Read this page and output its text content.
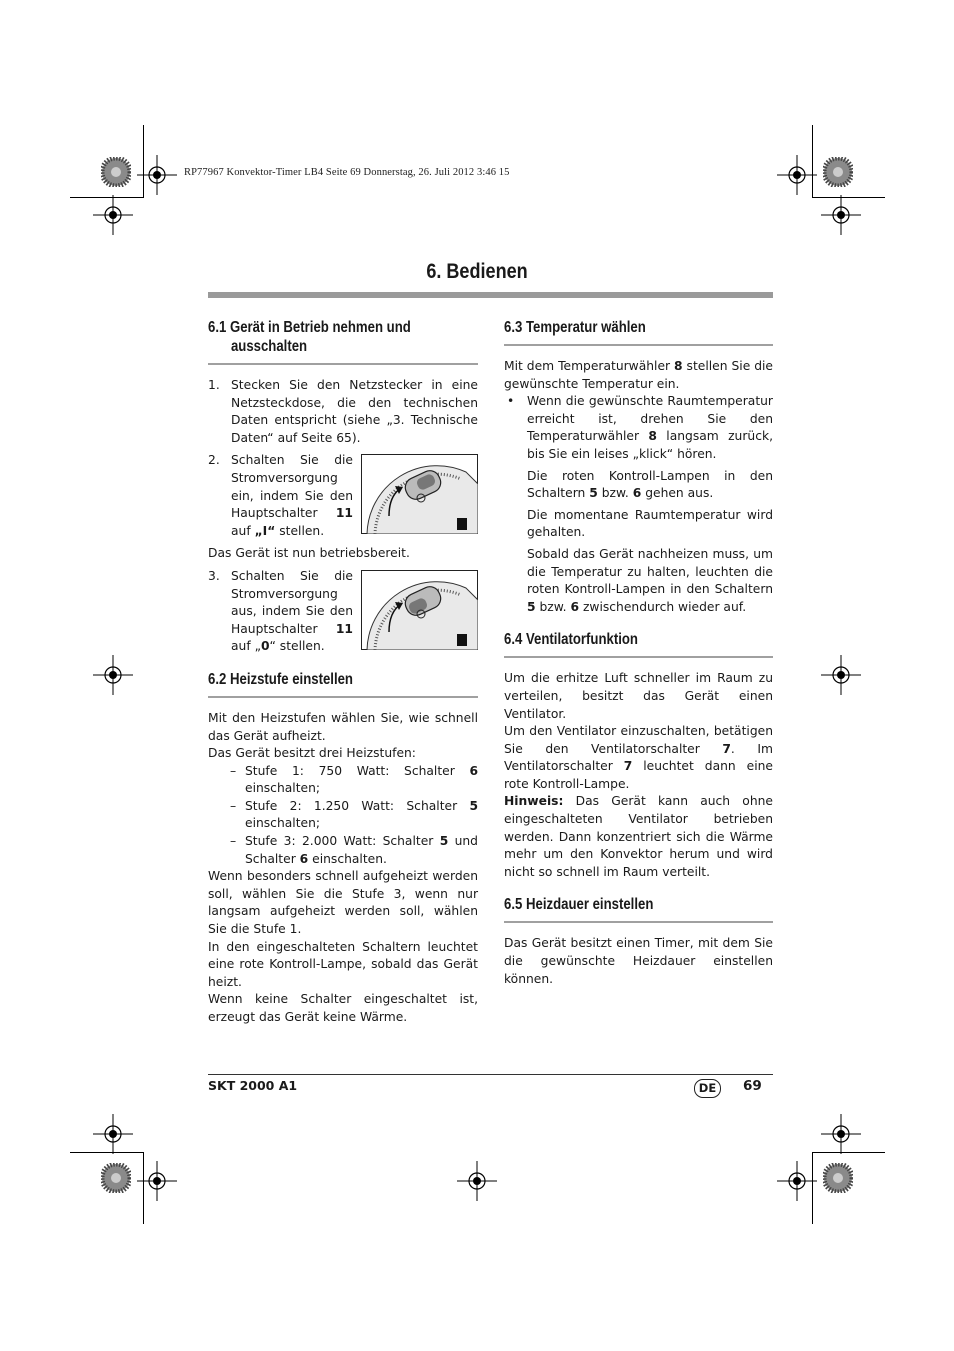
RP77967 Konvektor-Timer LB4 Seite 69 Donnerstag, 26. Juli 2012 3:46 15
6. Bedienen
6.1 Gerät in Betrieb nehmen und
ausschalten
1. Stecken Sie den Netzstecker in eine Netzsteckdose, die den technischen Daten entspricht (siehe „3. Technische Daten“ auf Seite 65).
2. Schalten Sie die Stromversorgung ein, indem Sie den Hauptschalter 11 auf „I“ stellen.

Das Gerät ist nun betriebsbereit.

3. Schalten Sie die Stromversorgung aus, indem Sie den Hauptschalter 11 auf „0“ stellen.
6.2 Heizstufe einstellen

Mit den Heizstufen wählen Sie, wie schnell das Gerät aufheizt.

Das Gerät besitzt drei Heizstufen:

– Stufe 1: 750 Watt: Schalter 6 einschalten;
– Stufe 2: 1.250 Watt: Schalter 5 einschalten;
– Stufe 3: 2.000 Watt: Schalter 5 und Schalter 6 einschalten.

Wenn besonders schnell aufgeheizt werden soll, wählen Sie die Stufe 3, wenn nur langsam aufgeheizt werden soll, wählen Sie die Stufe 1.

In den eingeschalteten Schaltern leuchtet eine rote Kontroll-Lampe, sobald das Gerät heizt.

Wenn keine Schalter eingeschaltet ist, erzeugt das Gerät keine Wärme.

6.3 Temperatur wählen

Mit dem Temperaturwähler 8 stellen Sie die gewünschte Temperatur ein.

•	Wenn die gewünschte Raumtemperatur erreicht ist, drehen Sie den Temperaturwähler 8 langsam zurück, bis Sie ein leises „klick“ hören.

Die roten Kontroll-Lampen in den Schaltern 5 bzw. 6 gehen aus.

Die momentane Raumtemperatur wird gehalten.

Sobald das Gerät nachheizen muss, um die Temperatur zu halten, leuchten die roten Kontroll-Lampen in den Schaltern 5 bzw. 6 zwischendurch wieder auf.

6.4 Ventilatorfunktion

Um die erhitze Luft schneller im Raum zu verteilen, besitzt das Gerät einen Ventilator.

Um den Ventilator einzuschalten, betätigen Sie den Ventilatorschalter 7. Im Ventilatorschalter 7 leuchtet dann eine rote Kontroll-Lampe.

Hinweis: Das Gerät kann auch ohne eingeschalteten Ventilator betrieben werden. Dann konzentriert sich die Wärme mehr um den Konvektor herum und wird nicht so schnell im Raum verteilt.

6.5 Heizdauer einstellen

Das Gerät besitzt einen Timer, mit dem Sie die gewünschte Heizdauer einstellen können.

SKT 2000 A1	DE	69
